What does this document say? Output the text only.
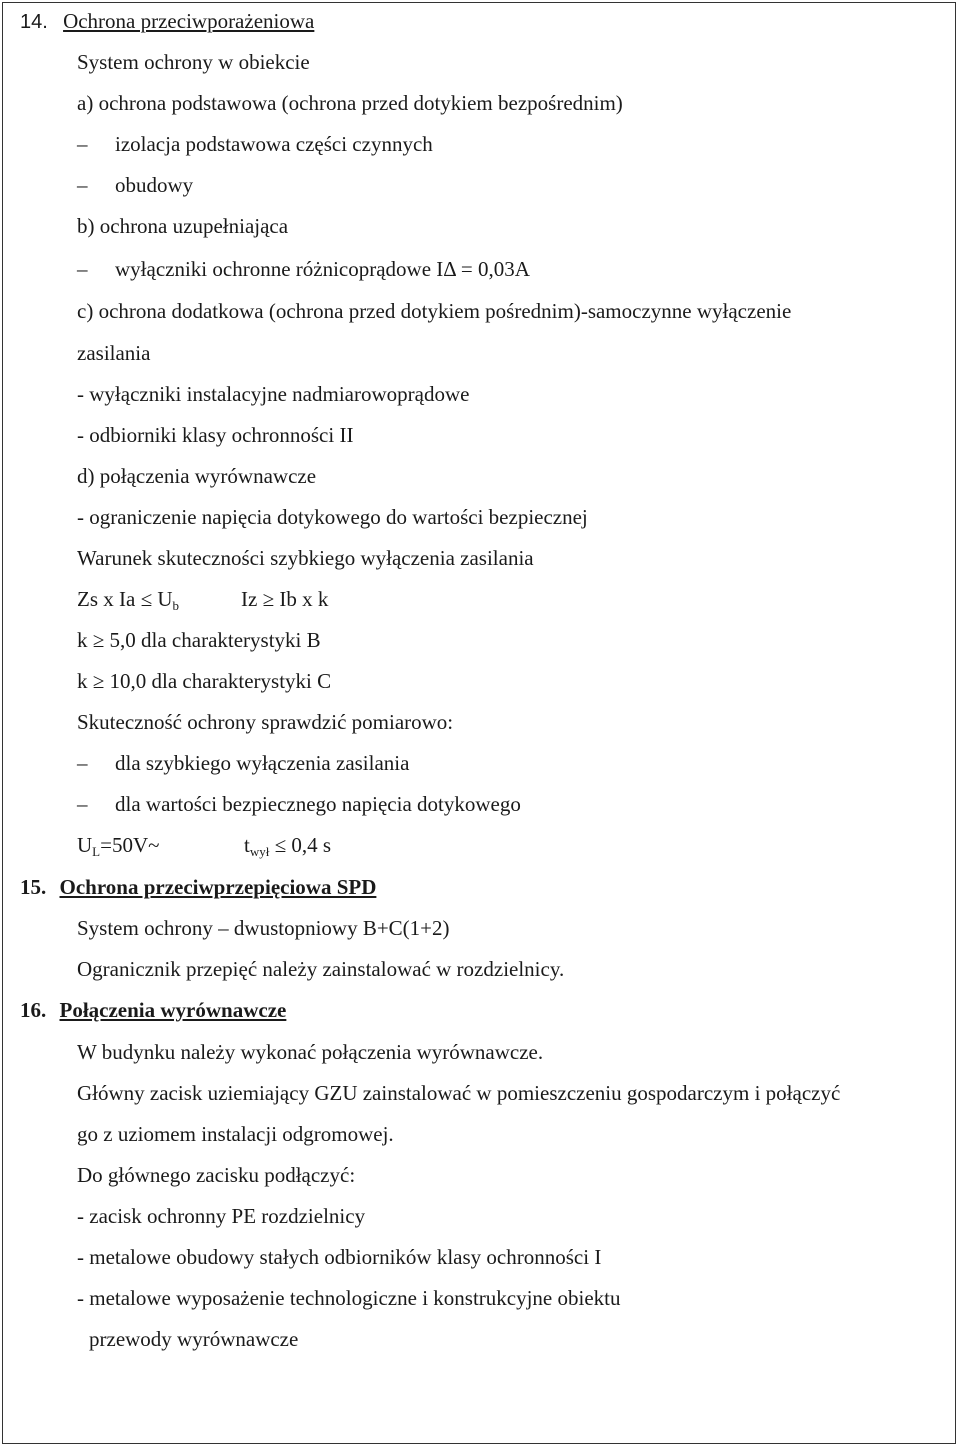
14. Ochrona przeciwporażeniowa
System ochrony w obiekcie
a) ochrona podstawowa (ochrona przed dotykiem bezpośrednim)
– izolacja podstawowa części czynnych
– obudowy
b) ochrona uzupełniająca
– wyłączniki ochronne różnicoprądowe IΔ = 0,03A
c) ochrona dodatkowa (ochrona przed dotykiem pośrednim)-samoczynne wyłączenie
zasilania
- wyłączniki instalacyjne nadmiarowoprądowe
- odbiorniki klasy ochronności II
d) połączenia wyrównawcze
- ograniczenie napięcia dotykowego do wartości bezpiecznej
Warunek skuteczności szybkiego wyłączenia zasilania
Zs x $Ia \le U_b$	Iz ≥ Ib x k
k ≥ 5,0 dla charakterystyki B
k ≥ 10,0 dla charakterystyki C
Skuteczność ochrony sprawdzić pomiarowo:
– dla szybkiego wyłączenia zasilania
– dla wartości bezpiecznego napięcia dotykowego
$U_L=50V\sim$	$t_{wył} \le 0,4$ s
15. Ochrona przeciwprzepięciowa SPD
System ochrony – dwustopniowy B+C(1+2)
Ogranicznik przepięć należy zainstalować w rozdzielnicy.
16. Połączenia wyrównawcze
W budynku należy wykonać połączenia wyrównawcze.
Główny zacisk uziemiający GZU zainstalować w pomieszczeniu gospodarczym i połączyć
go z uziomem instalacji odgromowej.
Do głównego zacisku podłączyć:
- zacisk ochronny PE rozdzielnicy
- metalowe obudowy stałych odbiorników klasy ochronności I
- metalowe wyposażenie technologiczne i konstrukcyjne obiektu
przewody wyrównawcze
